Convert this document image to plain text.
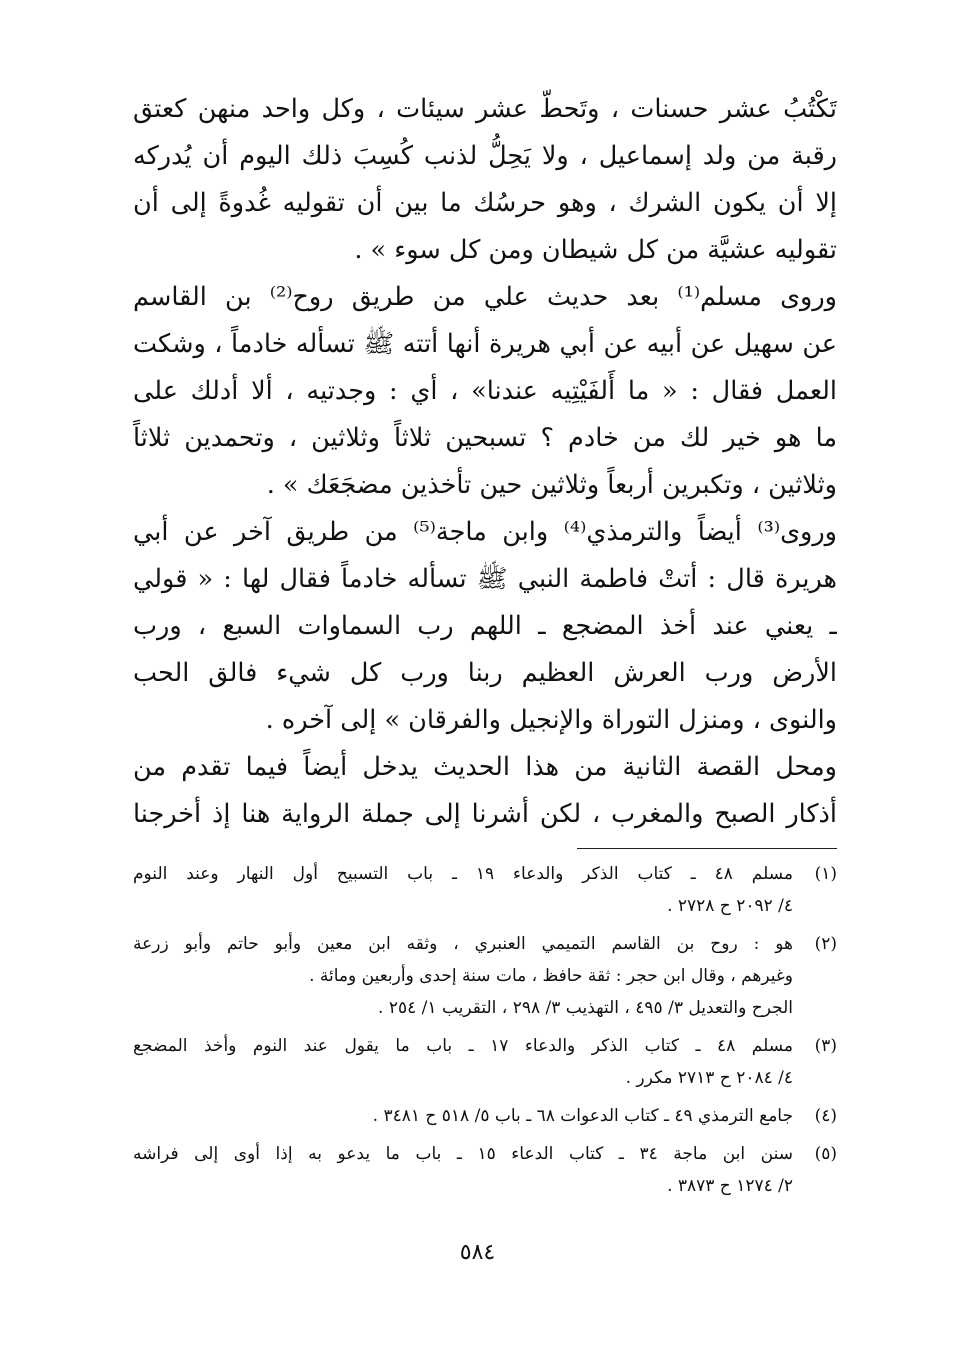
تَكْتُبُ عشر حسنات ، وتَحطّ عشر سيئات ، وكل واحد منهن كعتق
رقبة من ولد إسماعيل ، ولا يَحِلُّ لذنب كُسِبَ ذلك اليوم أن يُدركه
إلا أن يكون الشرك ، وهو حرسُك ما بين أن تقوليه غُدوةً إلى أن
تقوليه عشيَّة من كل شيطان ومن كل سوء » .
وروى مسلم⁽¹⁾ بعد حديث علي من طريق روح⁽²⁾ بن القاسم
عن سهيل عن أبيه عن أبي هريرة أنها أتته ﷺ تسأله خادماً ، وشكت
العمل فقال : « ما أَلفَيْتِيه عندنا» ، أي : وجدتيه ، ألا أدلك على
ما هو خير لك من خادم ؟ تسبحين ثلاثاً وثلاثين ، وتحمدين ثلاثاً
وثلاثين ، وتكبرين أربعاً وثلاثين حين تأخذين مضجَعَك » .
وروى⁽³⁾ أيضاً والترمذي⁽⁴⁾ وابن ماجة⁽⁵⁾ من طريق آخر عن أبي
هريرة قال : أتتْ فاطمة النبي ﷺ تسأله خادماً فقال لها : « قولي
ـ يعني عند أخذ المضجع ـ اللهم رب السماوات السبع ، ورب
الأرض ورب العرش العظيم ربنا ورب كل شيء فالق الحب
والنوى ، ومنزل التوراة والإنجيل والفرقان » إلى آخره .
ومحل القصة الثانية من هذا الحديث يدخل أيضاً فيما تقدم من
أذكار الصبح والمغرب ، لكن أشرنا إلى جملة الرواية هنا إذ أخرجنا
(١)
مسلم ٤٨ ـ كتاب الذكر والدعاء ١٩ ـ باب التسبيح أول النهار وعند النوم
٤/ ٢٠٩٢ ح ٢٧٢٨ .
(٢)
هو : روح بن القاسم التميمي العنبري ، وثقه ابن معين وأبو حاتم وأبو زرعة
وغيرهم ، وقال ابن حجر : ثقة حافظ ، مات سنة إحدى وأربعين ومائة .
الجرح والتعديل ٣/ ٤٩٥ ، التهذيب ٣/ ٢٩٨ ، التقريب ١/ ٢٥٤ .
(٣)
مسلم ٤٨ ـ كتاب الذكر والدعاء ١٧ ـ باب ما يقول عند النوم وأخذ المضجع
٤/ ٢٠٨٤ ح ٢٧١٣ مكرر .
(٤)
جامع الترمذي ٤٩ ـ كتاب الدعوات ٦٨ ـ باب ٥/ ٥١٨ ح ٣٤٨١ .
(٥)
سنن ابن ماجة ٣٤ ـ كتاب الدعاء ١٥ ـ باب ما يدعو به إذا أوى إلى فراشه
٢/ ١٢٧٤ ح ٣٨٧٣ .
٥٨٤
